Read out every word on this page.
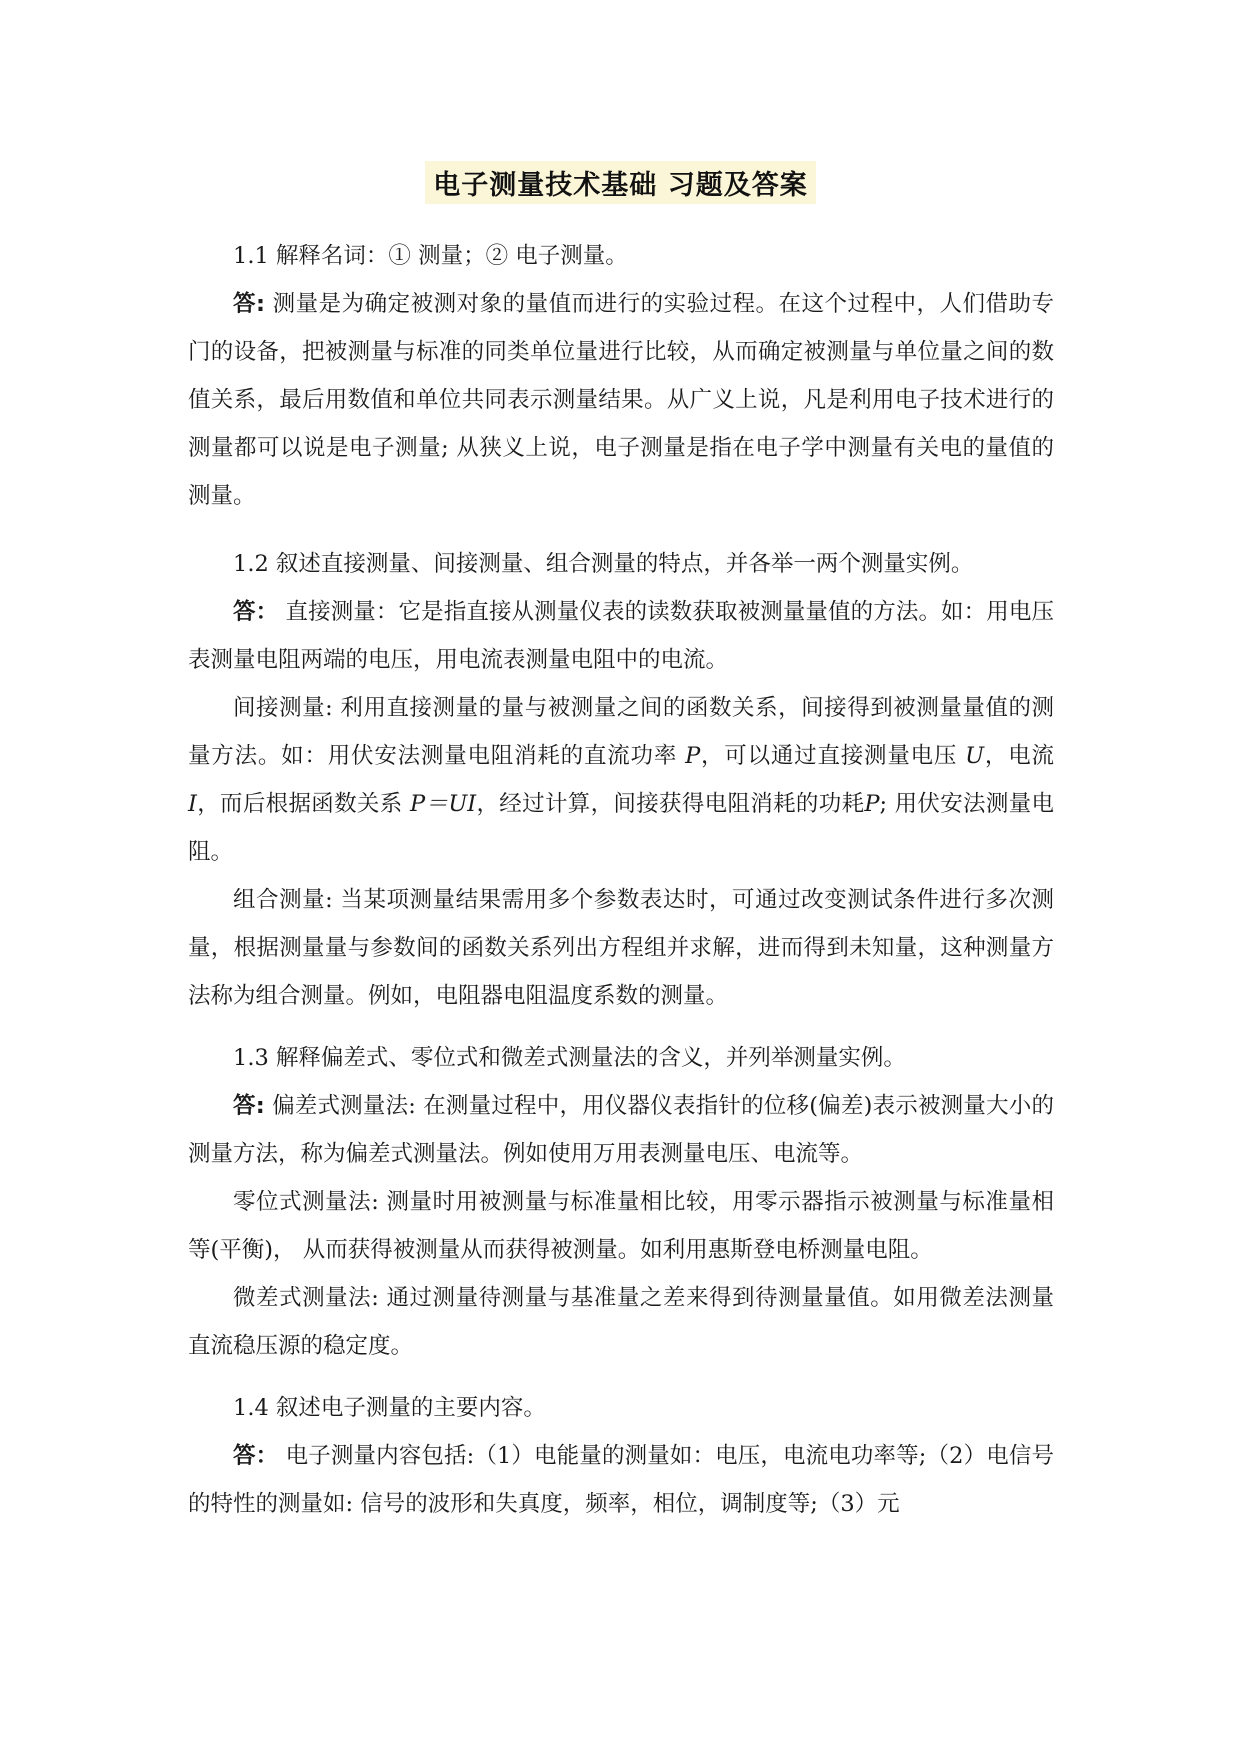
电子测量技术基础 习题及答案

1.1 解释名词：① 测量；② 电子测量。

答: 测量是为确定被测对象的量值而进行的实验过程。在这个过程中，人们借助专门的设备，把被测量与标准的同类单位量进行比较，从而确定被测量与单位量之间的数值关系，最后用数值和单位共同表示测量结果。从广义上说，凡是利用电子技术进行的测量都可以说是电子测量; 从狭义上说，电子测量是指在电子学中测量有关电的量值的测量。

1.2 叙述直接测量、间接测量、组合测量的特点，并各举一两个测量实例。

答： 直接测量：它是指直接从测量仪表的读数获取被测量量值的方法。如：用电压表测量电阻两端的电压，用电流表测量电阻中的电流。

间接测量: 利用直接测量的量与被测量之间的函数关系，间接得到被测量量值的测量方法。如：用伏安法测量电阻消耗的直流功率 P，可以通过直接测量电压 U，电流 I，而后根据函数关系 P＝UI，经过计算，间接获得电阻消耗的功耗P; 用伏安法测量电阻。

组合测量: 当某项测量结果需用多个参数表达时，可通过改变测试条件进行多次测量，根据测量量与参数间的函数关系列出方程组并求解，进而得到未知量，这种测量方法称为组合测量。例如，电阻器电阻温度系数的测量。

1.3 解释偏差式、零位式和微差式测量法的含义，并列举测量实例。

答: 偏差式测量法: 在测量过程中，用仪器仪表指针的位移(偏差)表示被测量大小的测量方法，称为偏差式测量法。例如使用万用表测量电压、电流等。

零位式测量法: 测量时用被测量与标准量相比较，用零示器指示被测量与标准量相等(平衡)， 从而获得被测量从而获得被测量。如利用惠斯登电桥测量电阻。

微差式测量法: 通过测量待测量与基准量之差来得到待测量量值。如用微差法测量直流稳压源的稳定度。

1.4 叙述电子测量的主要内容。

答： 电子测量内容包括:（1）电能量的测量如：电压，电流电功率等;（2）电信号的特性的测量如: 信号的波形和失真度，频率，相位，调制度等;（3）元
